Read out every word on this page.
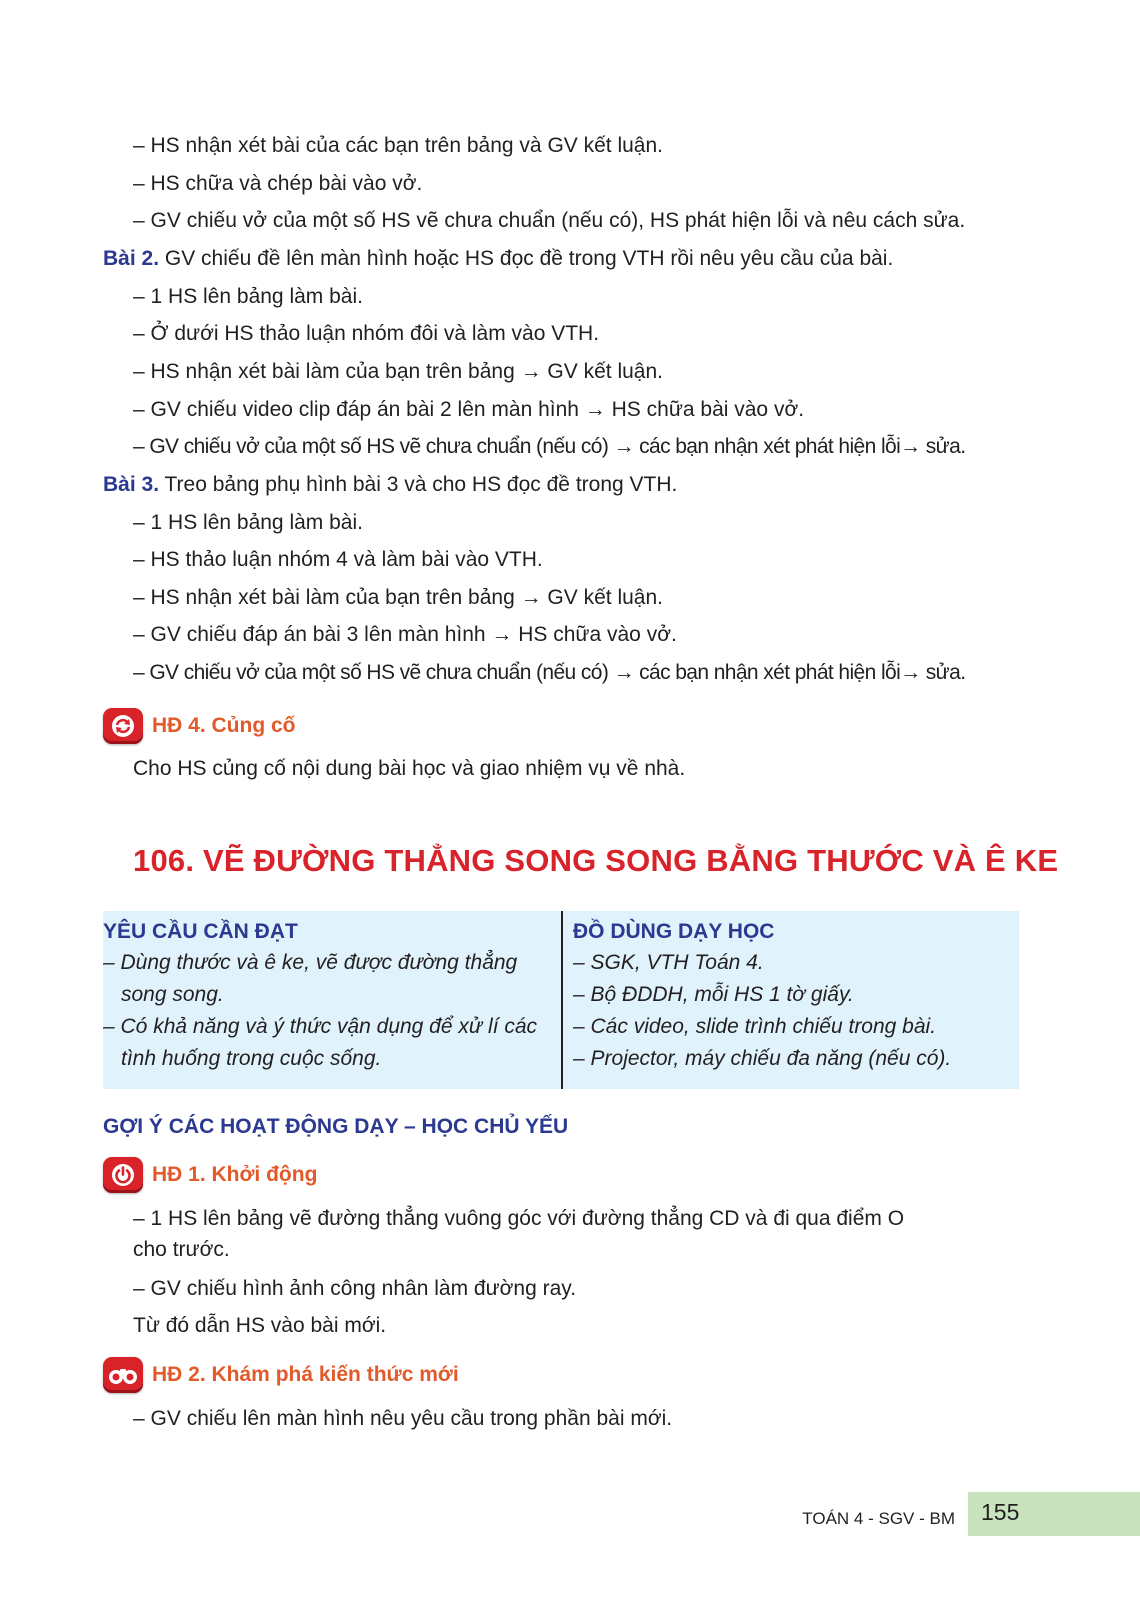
– HS nhận xét bài của các bạn trên bảng và GV kết luận.
– HS chữa và chép bài vào vở.
– GV chiếu vở của một số HS vẽ chưa chuẩn (nếu có), HS phát hiện lỗi và nêu cách sửa.
Bài 2. GV chiếu đề lên màn hình hoặc HS đọc đề trong VTH rồi nêu yêu cầu của bài.
– 1 HS lên bảng làm bài.
– Ở dưới HS thảo luận nhóm đôi và làm vào VTH.
– HS nhận xét bài làm của bạn trên bảng → GV kết luận.
– GV chiếu video clip đáp án bài 2 lên màn hình → HS chữa bài vào vở.
– GV chiếu vở của một số HS vẽ chưa chuẩn (nếu có) → các bạn nhận xét phát hiện lỗi→ sửa.
Bài 3. Treo bảng phụ hình bài 3 và cho HS đọc đề trong VTH.
– 1 HS lên bảng làm bài.
– HS thảo luận nhóm 4 và làm bài vào VTH.
– HS nhận xét bài làm của bạn trên bảng → GV kết luận.
– GV chiếu đáp án bài 3 lên màn hình → HS chữa vào vở.
– GV chiếu vở của một số HS vẽ chưa chuẩn (nếu có) → các bạn nhận xét phát hiện lỗi→ sửa.
HĐ 4. Củng cố
Cho HS củng cố nội dung bài học và giao nhiệm vụ về nhà.
106. VẼ ĐƯỜNG THẲNG SONG SONG BẰNG THƯỚC VÀ Ê KE
YÊU CẦU CẦN ĐẠT
– Dùng thước và ê ke, vẽ được đường thẳng song song.
– Có khả năng và ý thức vận dụng để xử lí các tình huống trong cuộc sống.
ĐỒ DÙNG DẠY HỌC
– SGK, VTH Toán 4.
– Bộ ĐDDH, mỗi HS 1 tờ giấy.
– Các video, slide trình chiếu trong bài.
– Projector, máy chiếu đa năng (nếu có).
GỢI Ý CÁC HOẠT ĐỘNG DẠY – HỌC CHỦ YẾU
HĐ 1. Khởi động
– 1 HS lên bảng vẽ đường thẳng vuông góc với đường thẳng CD và đi qua điểm O
cho trước.
– GV chiếu hình ảnh công nhân làm đường ray.
Từ đó dẫn HS vào bài mới.
HĐ 2. Khám phá kiến thức mới
– GV chiếu lên màn hình nêu yêu cầu trong phần bài mới.
TOÁN 4 - SGV - BM 155
